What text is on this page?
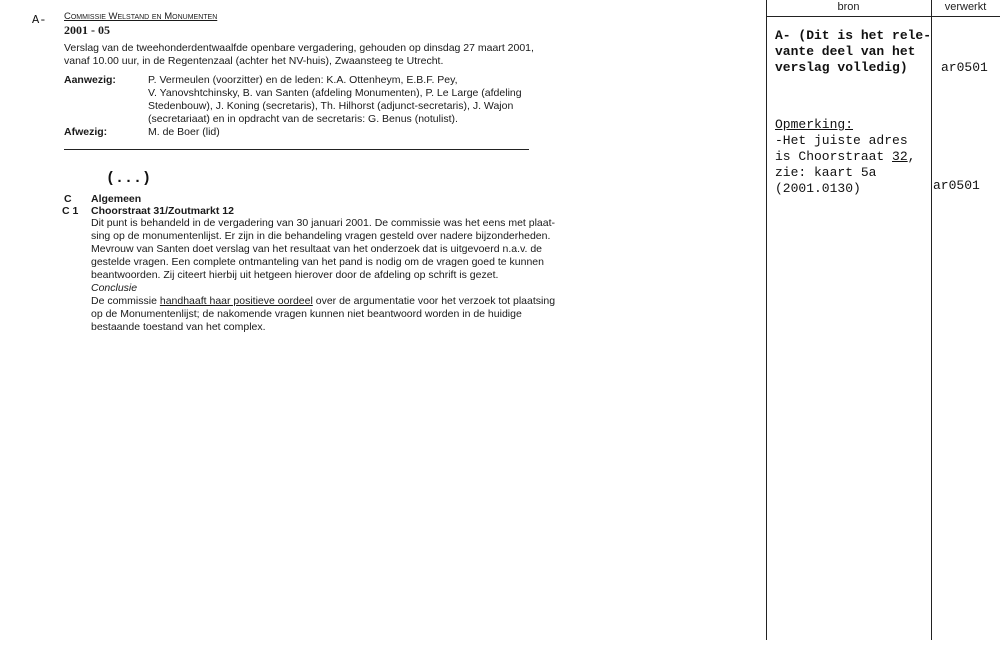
A- Commissie Welstand en Monumenten
2001 - 05
Verslag van de tweehonderdentwaalfde openbare vergadering, gehouden op dinsdag 27 maart 2001,
vanaf 10.00 uur, in de Regentenzaal (achter het NV-huis), Zwaansteeg te Utrecht.
Aanwezig:	P. Vermeulen (voorzitter) en de leden: K.A. Ottenheym, E.B.F. Pey,
V. Yanovshtchinsky, B. van Santen (afdeling Monumenten), P. Le Large (afdeling
Stedenbouw), J. Koning (secretaris), Th. Hilhorst (adjunct-secretaris), J. Wajon
(secretariaat) en in opdracht van de secretaris: G. Benus (notulist).
Afwezig:	M. de Boer (lid)
(...)
C Algemeen
C 1 Choorstraat 31/Zoutmarkt 12
Dit punt is behandeld in de vergadering van 30 januari 2001. De commissie was het eens met plaat-
sing op de monumentenlijst. Er zijn in die behandeling vragen gesteld over nadere bijzonderheden.
Mevrouw van Santen doet verslag van het resultaat van het onderzoek dat is uitgevoerd n.a.v. de
gestelde vragen. Een complete ontmanteling van het pand is nodig om de vragen goed te kunnen
beantwoorden. Zij citeert hierbij uit hetgeen hierover door de afdeling op schrift is gezet.
Conclusie
De commissie handhaaft haar positieve oordeel over de argumentatie voor het verzoek tot plaatsing
op de Monumentenlijst; de nakomende vragen kunnen niet beantwoord worden in de huidige
bestaande toestand van het complex.
bron	verwerkt
A- (Dit is het rele-
vante deel van het
verslag volledig)	ar0501
Opmerking:
-Het juiste adres
is Choorstraat 32,
zie: kaart 5a
(2001.0130)	ar0501
